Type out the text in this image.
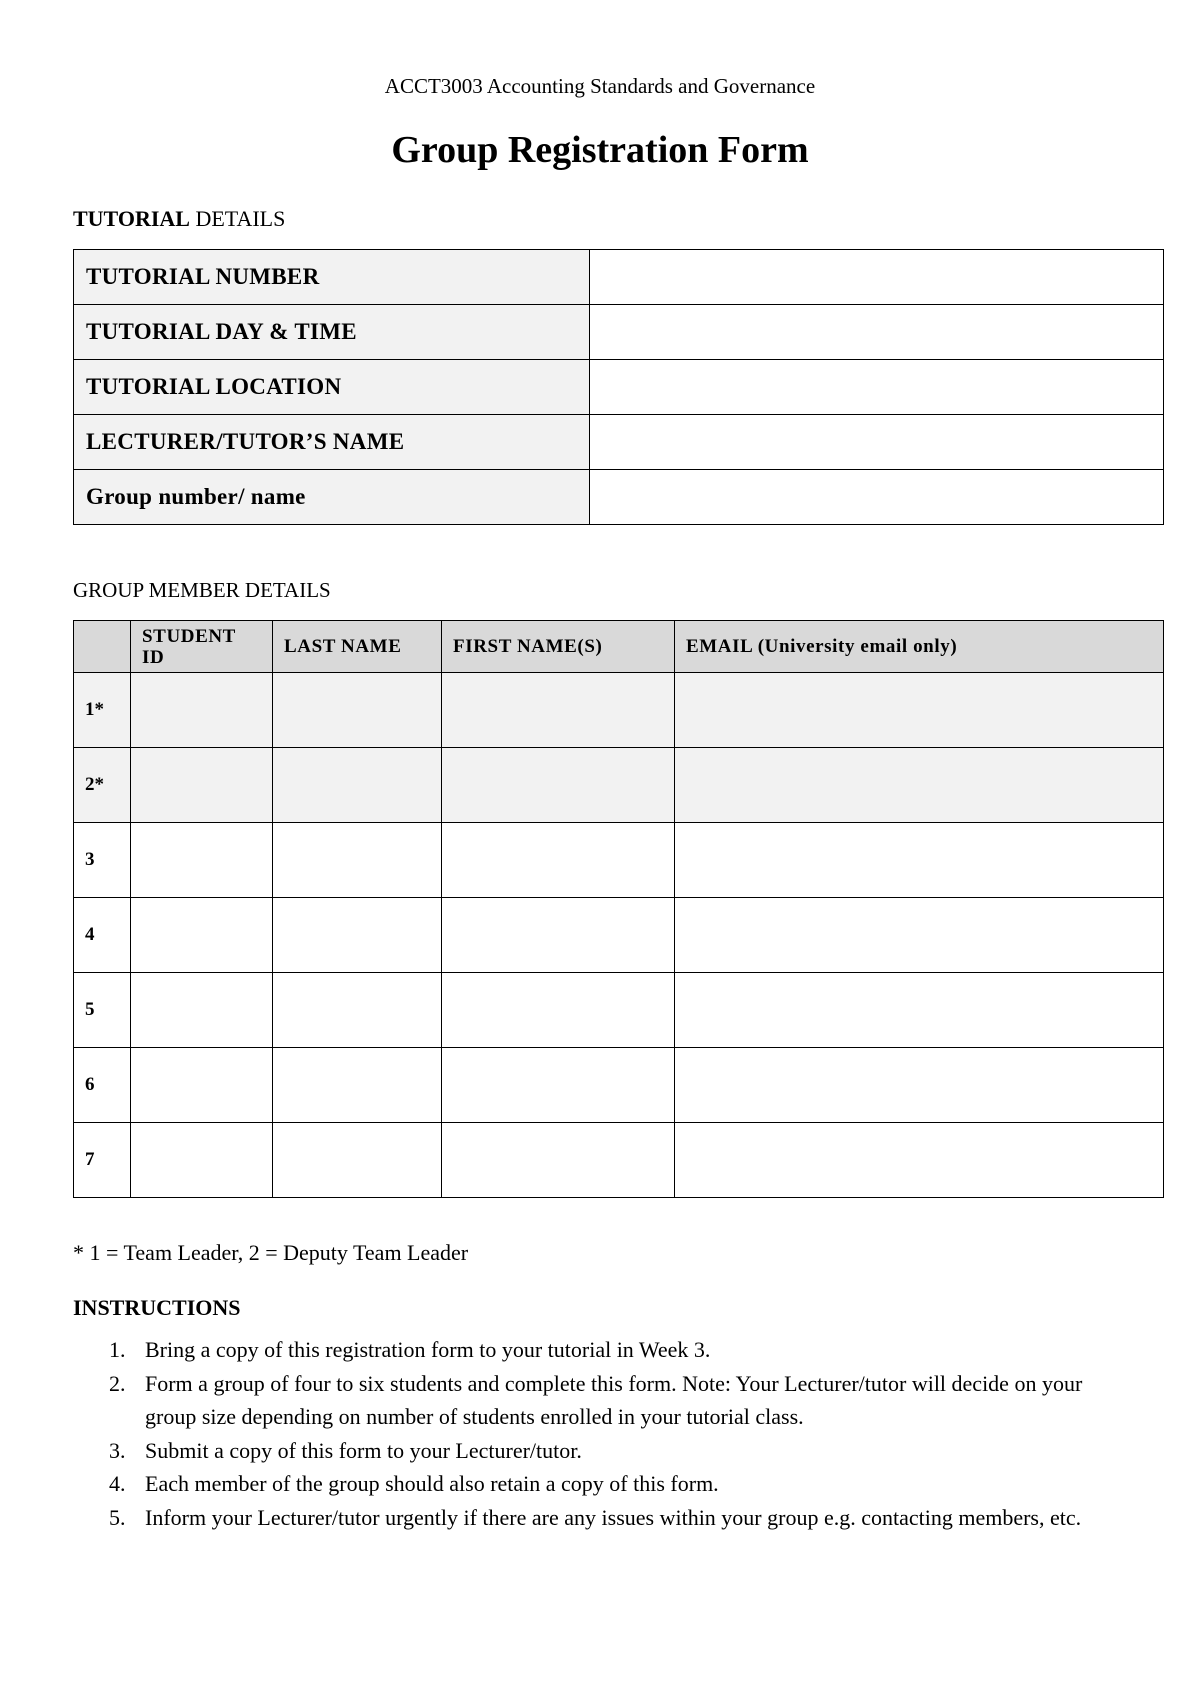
ACCT3003 Accounting Standards and Governance
Group Registration Form
TUTORIAL DETAILS
TUTORIAL NUMBER	
TUTORIAL DAY & TIME	
TUTORIAL LOCATION	
LECTURER/TUTOR’S NAME	
Group number/ name	
GROUP MEMBER DETAILS
	STUDENT ID	LAST NAME	FIRST NAME(S)	EMAIL (University email only)
1*				
2*				
3				
4				
5				
6				
7				
* 1 = Team Leader, 2 = Deputy Team Leader
INSTRUCTIONS
1. Bring a copy of this registration form to your tutorial in Week 3.
2. Form a group of four to six students and complete this form. Note: Your Lecturer/tutor will decide on your group size depending on number of students enrolled in your tutorial class.
3. Submit a copy of this form to your Lecturer/tutor.
4. Each member of the group should also retain a copy of this form.
5. Inform your Lecturer/tutor urgently if there are any issues within your group e.g. contacting members, etc.
